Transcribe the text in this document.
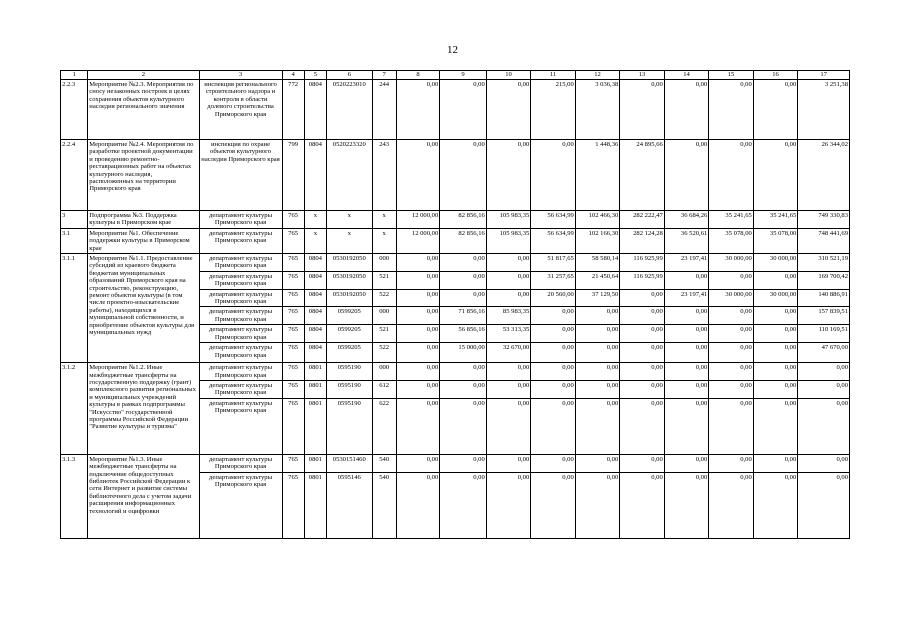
12
1	2	3	4	5	6	7	8	9	10	11	12	13	14	15	16	17
2.2.3	Мероприятие №2.3. Мероприятия по сносу незаконных построек в целях сохранения объектов культурного наследия регионального значения	инспекция регионального строительного надзора и контроля в области долевого строительства Приморского края	772	0804	0520223010	244	0,00	0,00	0,00	215,00	3 036,38	0,00	0,00	0,00	0,00	3 251,38
2.2.4	Мероприятие №2.4. Мероприятия по разработке проектной документации и проведению ремонтно-реставрационных работ на объектах культурного наследия, расположенных на территории Приморского края	инспекция по охране объектов культурного наследия Приморского края	799	0804	0520223320	243	0,00	0,00	0,00	0,00	1 448,36	24 895,66	0,00	0,00	0,00	26 344,02
3	Подпрограмма №3. Поддержка культуры в Приморском крае	департамент культуры Приморского края	765	x	x	x	12 000,00	82 856,16	105 983,35	56 634,99	102 466,30	282 222,47	36 684,26	35 241,65	35 241,65	749 330,83
3.1	Мероприятие №1. Обеспечение поддержки культуры в Приморском крае	департамент культуры Приморского края	765	x	x	x	12 000,00	82 856,16	105 983,35	56 634,99	102 166,30	282 124,28	36 520,61	35 078,00	35 078,00	748 441,69
3.1.1	Мероприятие №1.1. Предоставление субсидий из краевого бюджета бюджетам муниципальных образований Приморского края на строительство, реконструкцию, ремонт объектов культуры (в том числе проектно-изыскательские работы), находящихся в муниципальной собственности, и приобретение объектов культуры для муниципальных нужд	департамент культуры Приморского края	765	0804	0530192050	000	0,00	0,00	0,00	51 817,65	58 580,14	116 925,99	23 197,41	30 000,00	30 000,00	310 521,19
		департамент культуры Приморского края	765	0804	0530192050	521	0,00	0,00	0,00	31 257,65	21 450,64	116 925,99	0,00	0,00	0,00	169 700,42
		департамент культуры Приморского края	765	0804	0530192050	522	0,00	0,00	0,00	20 560,00	37 129,50	0,00	23 197,41	30 000,00	30 000,00	140 886,91
		департамент культуры Приморского края	765	0804	0599205	000	0,00	71 856,16	85 983,35	0,00	0,00	0,00	0,00	0,00	0,00	157 839,51
		департамент культуры Приморского края	765	0804	0599205	521	0,00	56 856,16	53 313,35	0,00	0,00	0,00	0,00	0,00	0,00	110 169,51
		департамент культуры Приморского края	765	0804	0599205	522	0,00	15 000,00	32 670,00	0,00	0,00	0,00	0,00	0,00	0,00	47 670,00
3.1.2	Мероприятие №1.2. Иные межбюджетные трансферты на государственную поддержку (грант) комплексного развития региональных и муниципальных учреждений культуры в рамках подпрограммы "Искусство" государственной программы Российской Федерации "Развитие культуры и туризма"	департамент культуры Приморского края	765	0801	0595190	000	0,00	0,00	0,00	0,00	0,00	0,00	0,00	0,00	0,00	0,00
		департамент культуры Приморского края	765	0801	0595190	612	0,00	0,00	0,00	0,00	0,00	0,00	0,00	0,00	0,00	0,00
		департамент культуры Приморского края	765	0801	0595190	622	0,00	0,00	0,00	0,00	0,00	0,00	0,00	0,00	0,00	0,00
3.1.3	Мероприятие №1.3. Иные межбюджетные трансферты на подключение общедоступных библиотек Российской Федерации к сети Интернет и развитие системы библиотечного дела с учетом задачи расширения информационных технологий и оцифровки	департамент культуры Приморского края	765	0801	0530151460	540	0,00	0,00	0,00	0,00	0,00	0,00	0,00	0,00	0,00	0,00
		департамент культуры Приморского края	765	0801	0595146	540	0,00	0,00	0,00	0,00	0,00	0,00	0,00	0,00	0,00	0,00
